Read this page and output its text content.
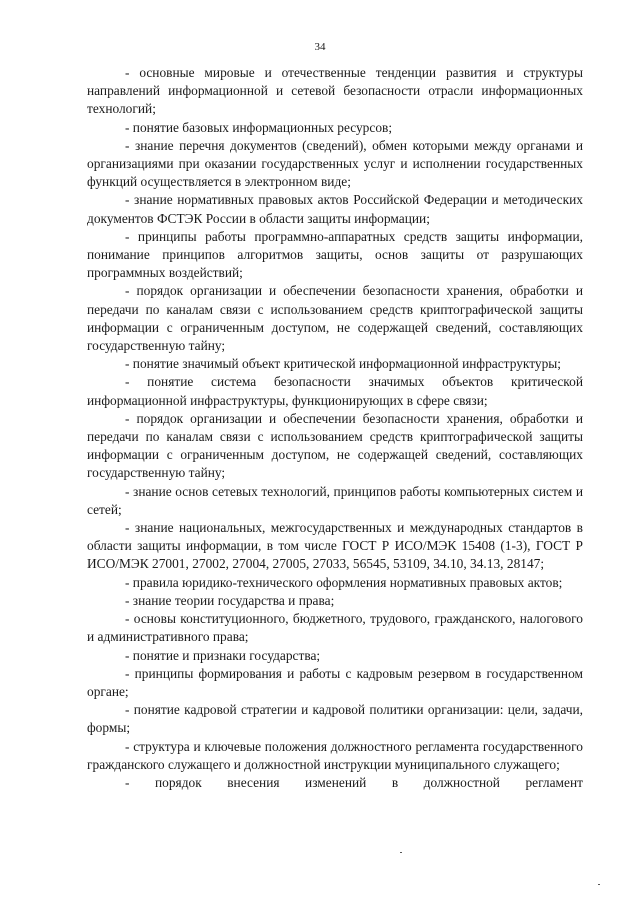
34

- основные мировые и отечественные тенденции развития и структуры направлений информационной и сетевой безопасности отрасли информационных технологий;

- понятие базовых информационных ресурсов;

- знание перечня документов (сведений), обмен которыми между органами и организациями при оказании государственных услуг и исполнении государственных функций осуществляется в электронном виде;

- знание нормативных правовых актов Российской Федерации и методических документов ФСТЭК России в области защиты информации;

- принципы работы программно-аппаратных средств защиты информации, понимание принципов алгоритмов защиты, основ защиты от разрушающих программных воздействий;

- порядок организации и обеспечении безопасности хранения, обработки и передачи по каналам связи с использованием средств криптографической защиты информации с ограниченным доступом, не содержащей сведений, составляющих государственную тайну;

- понятие значимый объект критической информационной инфраструктуры;

- понятие система безопасности значимых объектов критической информационной инфраструктуры, функционирующих в сфере связи;

- порядок организации и обеспечении безопасности хранения, обработки и передачи по каналам связи с использованием средств криптографической защиты информации с ограниченным доступом, не содержащей сведений, составляющих государственную тайну;

- знание основ сетевых технологий, принципов работы компьютерных систем и сетей;

- знание национальных, межгосударственных и международных стандартов в области защиты информации, в том числе ГОСТ Р ИСО/МЭК 15408 (1-3), ГОСТ Р ИСО/МЭК 27001, 27002, 27004, 27005, 27033, 56545, 53109, 34.10, 34.13, 28147;

- правила юридико-технического оформления нормативных правовых актов;

- знание теории государства и права;

- основы конституционного, бюджетного, трудового, гражданского, налогового и административного права;

- понятие и признаки государства;

- принципы формирования и работы с кадровым резервом в государственном органе;

- понятие кадровой стратегии и кадровой политики организации: цели, задачи, формы;

- структура и ключевые положения должностного регламента государственного гражданского служащего и должностной инструкции муниципального служащего;

- порядок внесения изменений в должностной регламент
